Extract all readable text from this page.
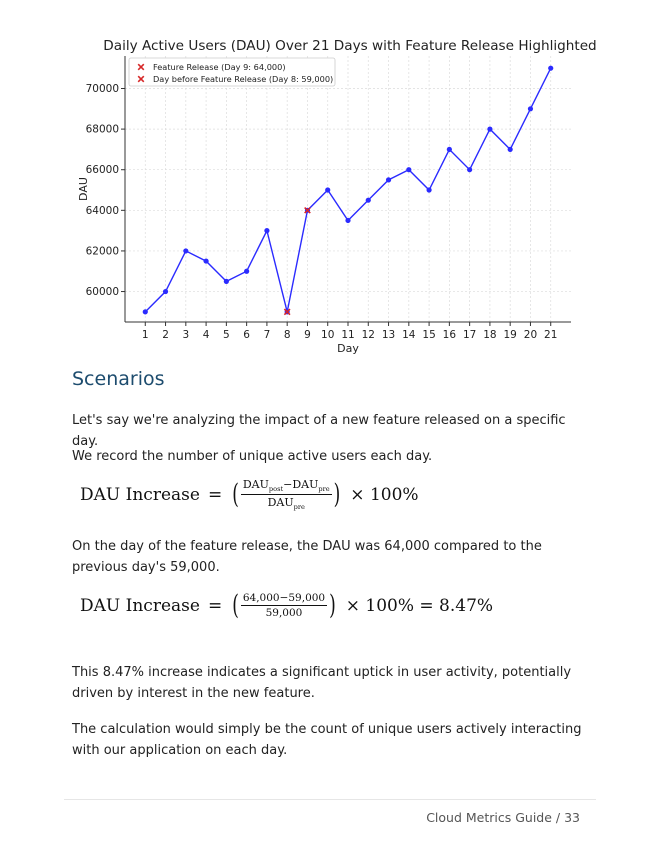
1 2 3 4 5 6 7 8 9 10 11 12 13 14 15 16 17 18 19 20 21
60000
62000
64000
66000
68000
70000
Day
DAU
Daily Active Users (DAU) Over 21 Days with Feature Release Highlighted
Feature Release (Day 9: 64,000)
Day before Feature Release (Day 8: 59,000)
Scenarios

Let's say we're analyzing the impact of a new feature released on a specific day.

We record the number of unique active users each day.

DAU Increase = ( $\frac{DAU_{post}-DAU_{pre}}{DAU_{pre}}$ ) × 100%

On the day of the feature release, the DAU was 64,000 compared to the previous day's 59,000.

DAU Increase = ( $\frac{64,000-59,000}{59,000}$ ) × 100% = 8.47%

This 8.47% increase indicates a significant uptick in user activity, potentially driven by interest in the new feature.

The calculation would simply be the count of unique users actively interacting with our application on each day.

Cloud Metrics Guide / 33
